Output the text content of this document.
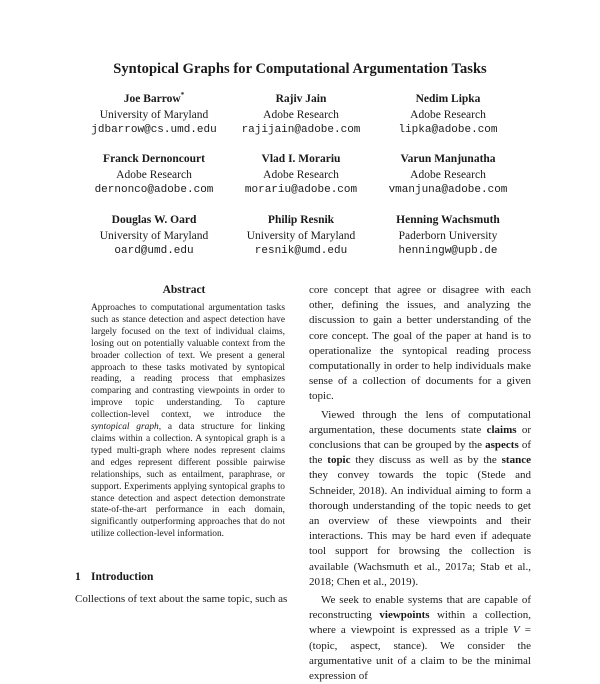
Syntopical Graphs for Computational Argumentation Tasks
Joe Barrow*
University of Maryland
jdbarrow@cs.umd.edu
Rajiv Jain
Adobe Research
rajijain@adobe.com
Nedim Lipka
Adobe Research
lipka@adobe.com
Franck Dernoncourt
Adobe Research
dernonco@adobe.com
Vlad I. Morariu
Adobe Research
morariu@adobe.com
Varun Manjunatha
Adobe Research
vmanjuna@adobe.com
Douglas W. Oard
University of Maryland
oard@umd.edu
Philip Resnik
University of Maryland
resnik@umd.edu
Henning Wachsmuth
Paderborn University
henningw@upb.de
Abstract

Approaches to computational argumentation tasks such as stance detection and aspect detection have largely focused on the text of individual claims, losing out on potentially valuable context from the broader collection of text. We present a general approach to these tasks motivated by syntopical reading, a reading process that emphasizes comparing and contrasting viewpoints in order to improve topic understanding. To capture collection-level context, we introduce the syntopical graph, a data structure for linking claims within a collection. A syntopical graph is a typed multi-graph where nodes represent claims and edges represent different possible pairwise relationships, such as entailment, paraphrase, or support. Experiments applying syntopical graphs to stance detection and aspect detection demonstrate state-of-the-art performance in each domain, significantly outperforming approaches that do not utilize collection-level information.

1 Introduction
Collections of text about the same topic, such as

core concept that agree or disagree with each other, defining the issues, and analyzing the discussion to gain a better understanding of the core concept. The goal of the paper at hand is to operationalize the syntopical reading process computationally in order to help individuals make sense of a collection of documents for a given topic.

Viewed through the lens of computational argumentation, these documents state claims or conclusions that can be grouped by the aspects of the topic they discuss as well as by the stance they convey towards the topic (Stede and Schneider, 2018). An individual aiming to form a thorough understanding of the topic needs to get an overview of these viewpoints and their interactions. This may be hard even if adequate tool support for browsing the collection is available (Wachsmuth et al., 2017a; Stab et al., 2018; Chen et al., 2019).

We seek to enable systems that are capable of reconstructing viewpoints within a collection, where a viewpoint is expressed as a triple V = (topic, aspect, stance). We consider the argumentative unit of a claim to be the minimal expression of
